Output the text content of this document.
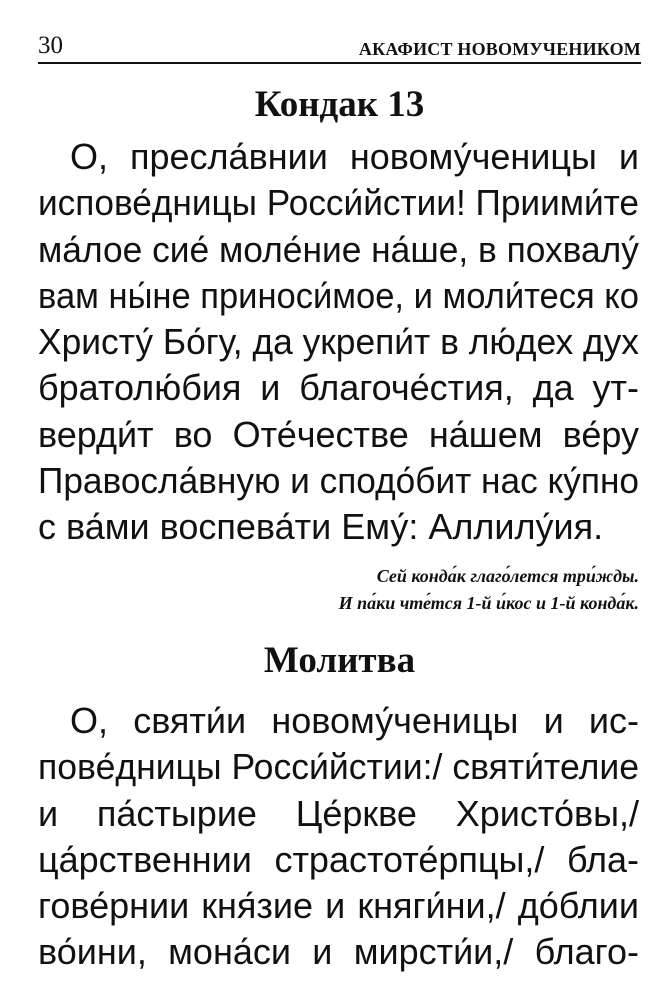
30	АКАФИСТ НОВОМУЧЕНИКОМ
Кондак 13
О, преcла́внии новому́ченицы и
испове́дницы Росси́йстии! Приими́те
ма́лое сие́ моле́ние на́ше, в похвалу́
вам ны́не приноси́мое, и моли́теся ко
Христу́ Бо́гу, да укрепи́т в лю́дех дух
братолю́бия и благоче́стия, да ут-
верди́т во Оте́честве на́шем ве́ру
Правосла́вную и сподо́бит нас ку́пно
с ва́ми воспева́ти Ему́: Аллилу́ия.
Сей конда́к глаго́лется три́жды.
И па́ки чте́тся 1-й и́кос и 1-й конда́к.
Молитва
О, святи́и новому́ченицы и ис-
пове́дницы Росси́йстии:/ святи́телие
и па́стырие Це́ркве Христо́вы,/
ца́рственнии страстоте́рпцы,/ бла-
гове́рнии кня́зие и княги́ни,/ до́блии
во́ини, мона́си и мирсти́и,/ благо-
